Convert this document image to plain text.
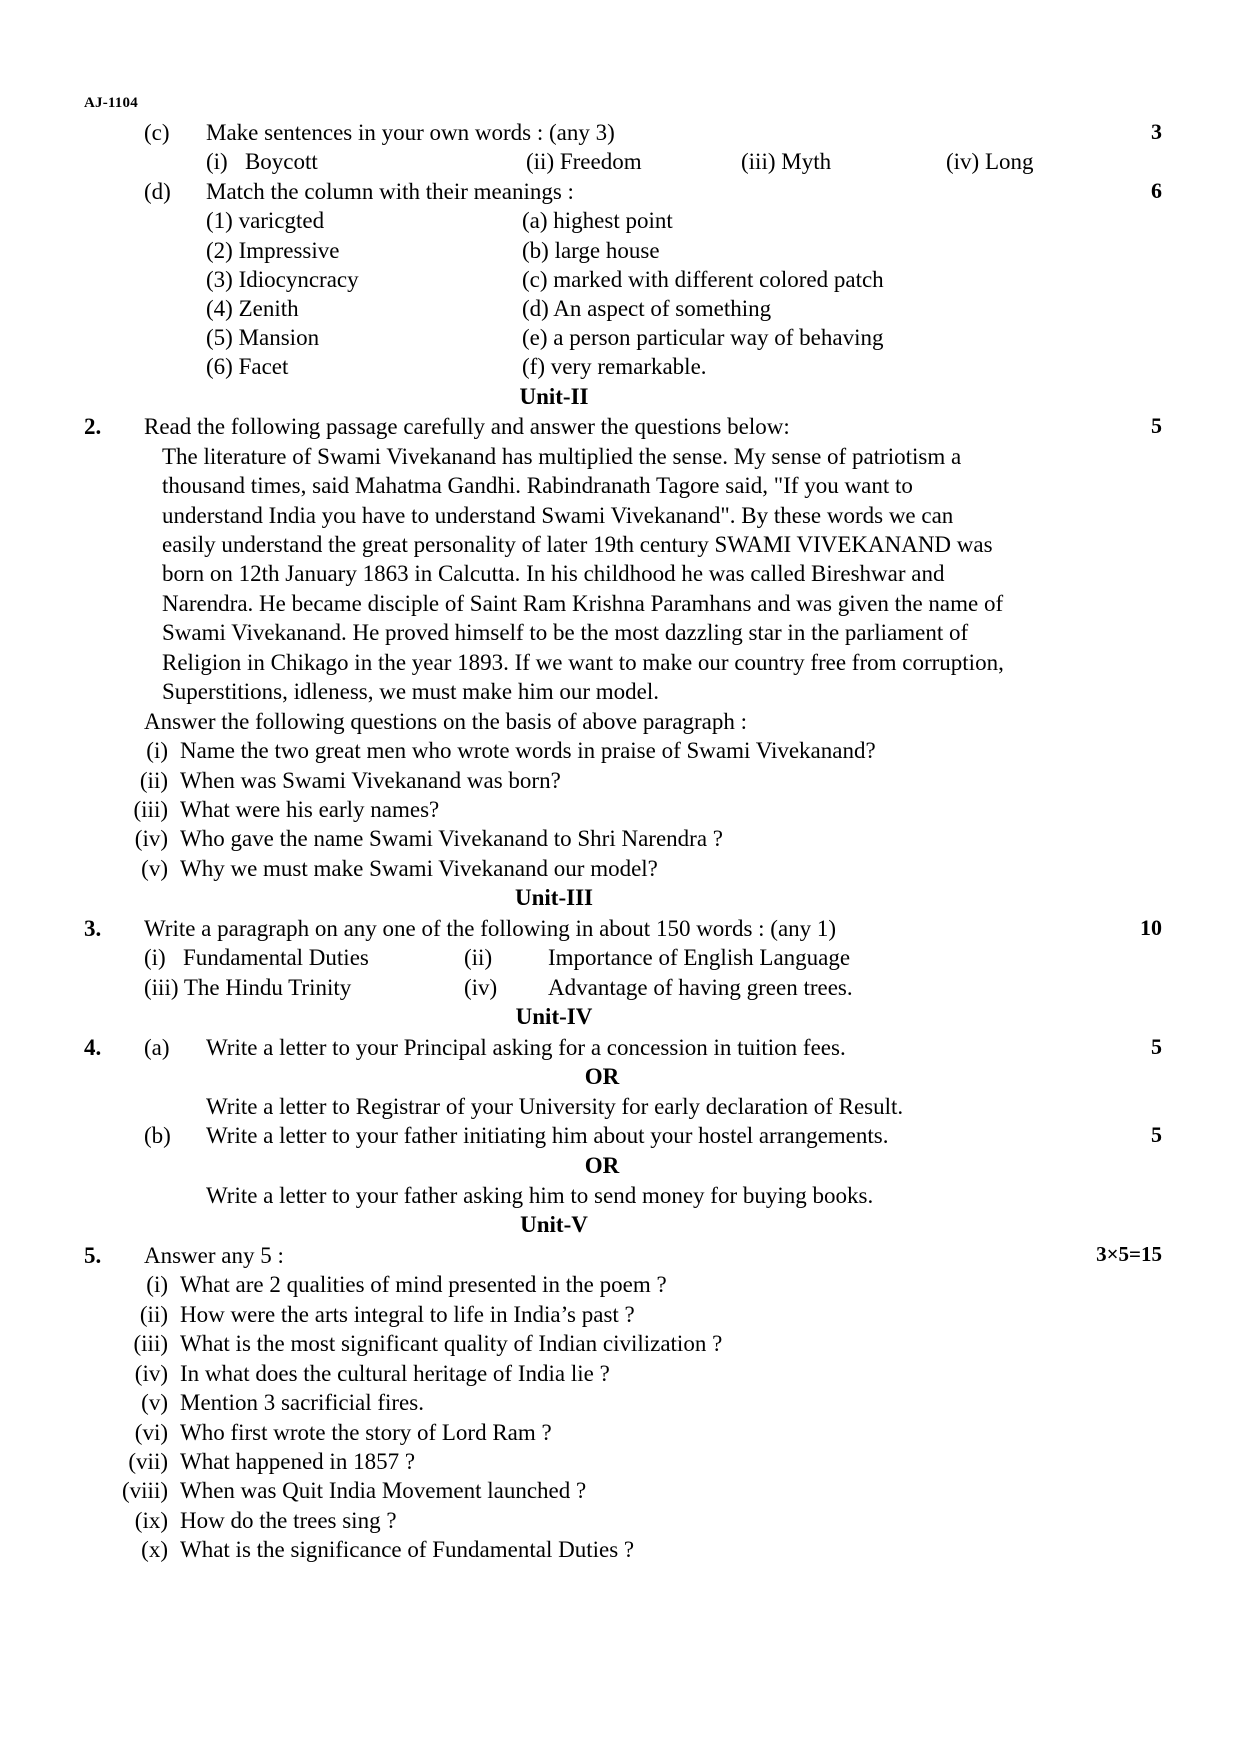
AJ-1104
(c)	Make sentences in your own words : (any 3)	3
(i) Boycott	(ii) Freedom	(iii) Myth	(iv) Long
(d)	Match the column with their meanings :	6
(1) varicgted	(a) highest point
(2) Impressive	(b) large house
(3) Idiocyncracy	(c) marked with different colored patch
(4) Zenith	(d) An aspect of something
(5) Mansion	(e) a person particular way of behaving
(6) Facet	(f) very remarkable.
Unit-II
2.	Read the following passage carefully and answer the questions below:	5
The literature of Swami Vivekanand has multiplied the sense. My sense of patriotism a
thousand times, said Mahatma Gandhi. Rabindranath Tagore said, "If you want to
understand India you have to understand Swami Vivekanand". By these words we can
easily understand the great personality of later 19th century SWAMI VIVEKANAND was
born on 12th January 1863 in Calcutta. In his childhood he was called Bireshwar and
Narendra. He became disciple of Saint Ram Krishna Paramhans and was given the name of
Swami Vivekanand. He proved himself to be the most dazzling star in the parliament of
Religion in Chikago in the year 1893. If we want to make our country free from corruption,
Superstitions, idleness, we must make him our model.
Answer the following questions on the basis of above paragraph :
(i) Name the two great men who wrote words in praise of Swami Vivekanand?
(ii) When was Swami Vivekanand was born?
(iii) What were his early names?
(iv) Who gave the name Swami Vivekanand to Shri Narendra ?
(v) Why we must make Swami Vivekanand our model?
Unit-III
3.	Write a paragraph on any one of the following in about 150 words : (any 1)	10
(i) Fundamental Duties	(ii)	Importance of English Language
(iii) The Hindu Trinity	(iv)	Advantage of having green trees.
Unit-IV
4.	(a)	Write a letter to your Principal asking for a concession in tuition fees.	5
OR
Write a letter to Registrar of your University for early declaration of Result.
(b)	Write a letter to your father initiating him about your hostel arrangements.	5
OR
Write a letter to your father asking him to send money for buying books.
Unit-V
5.	Answer any 5 :	3×5=15
(i) What are 2 qualities of mind presented in the poem ?
(ii) How were the arts integral to life in India’s past ?
(iii) What is the most significant quality of Indian civilization ?
(iv) In what does the cultural heritage of India lie ?
(v) Mention 3 sacrificial fires.
(vi) Who first wrote the story of Lord Ram ?
(vii) What happened in 1857 ?
(viii) When was Quit India Movement launched ?
(ix) How do the trees sing ?
(x) What is the significance of Fundamental Duties ?
